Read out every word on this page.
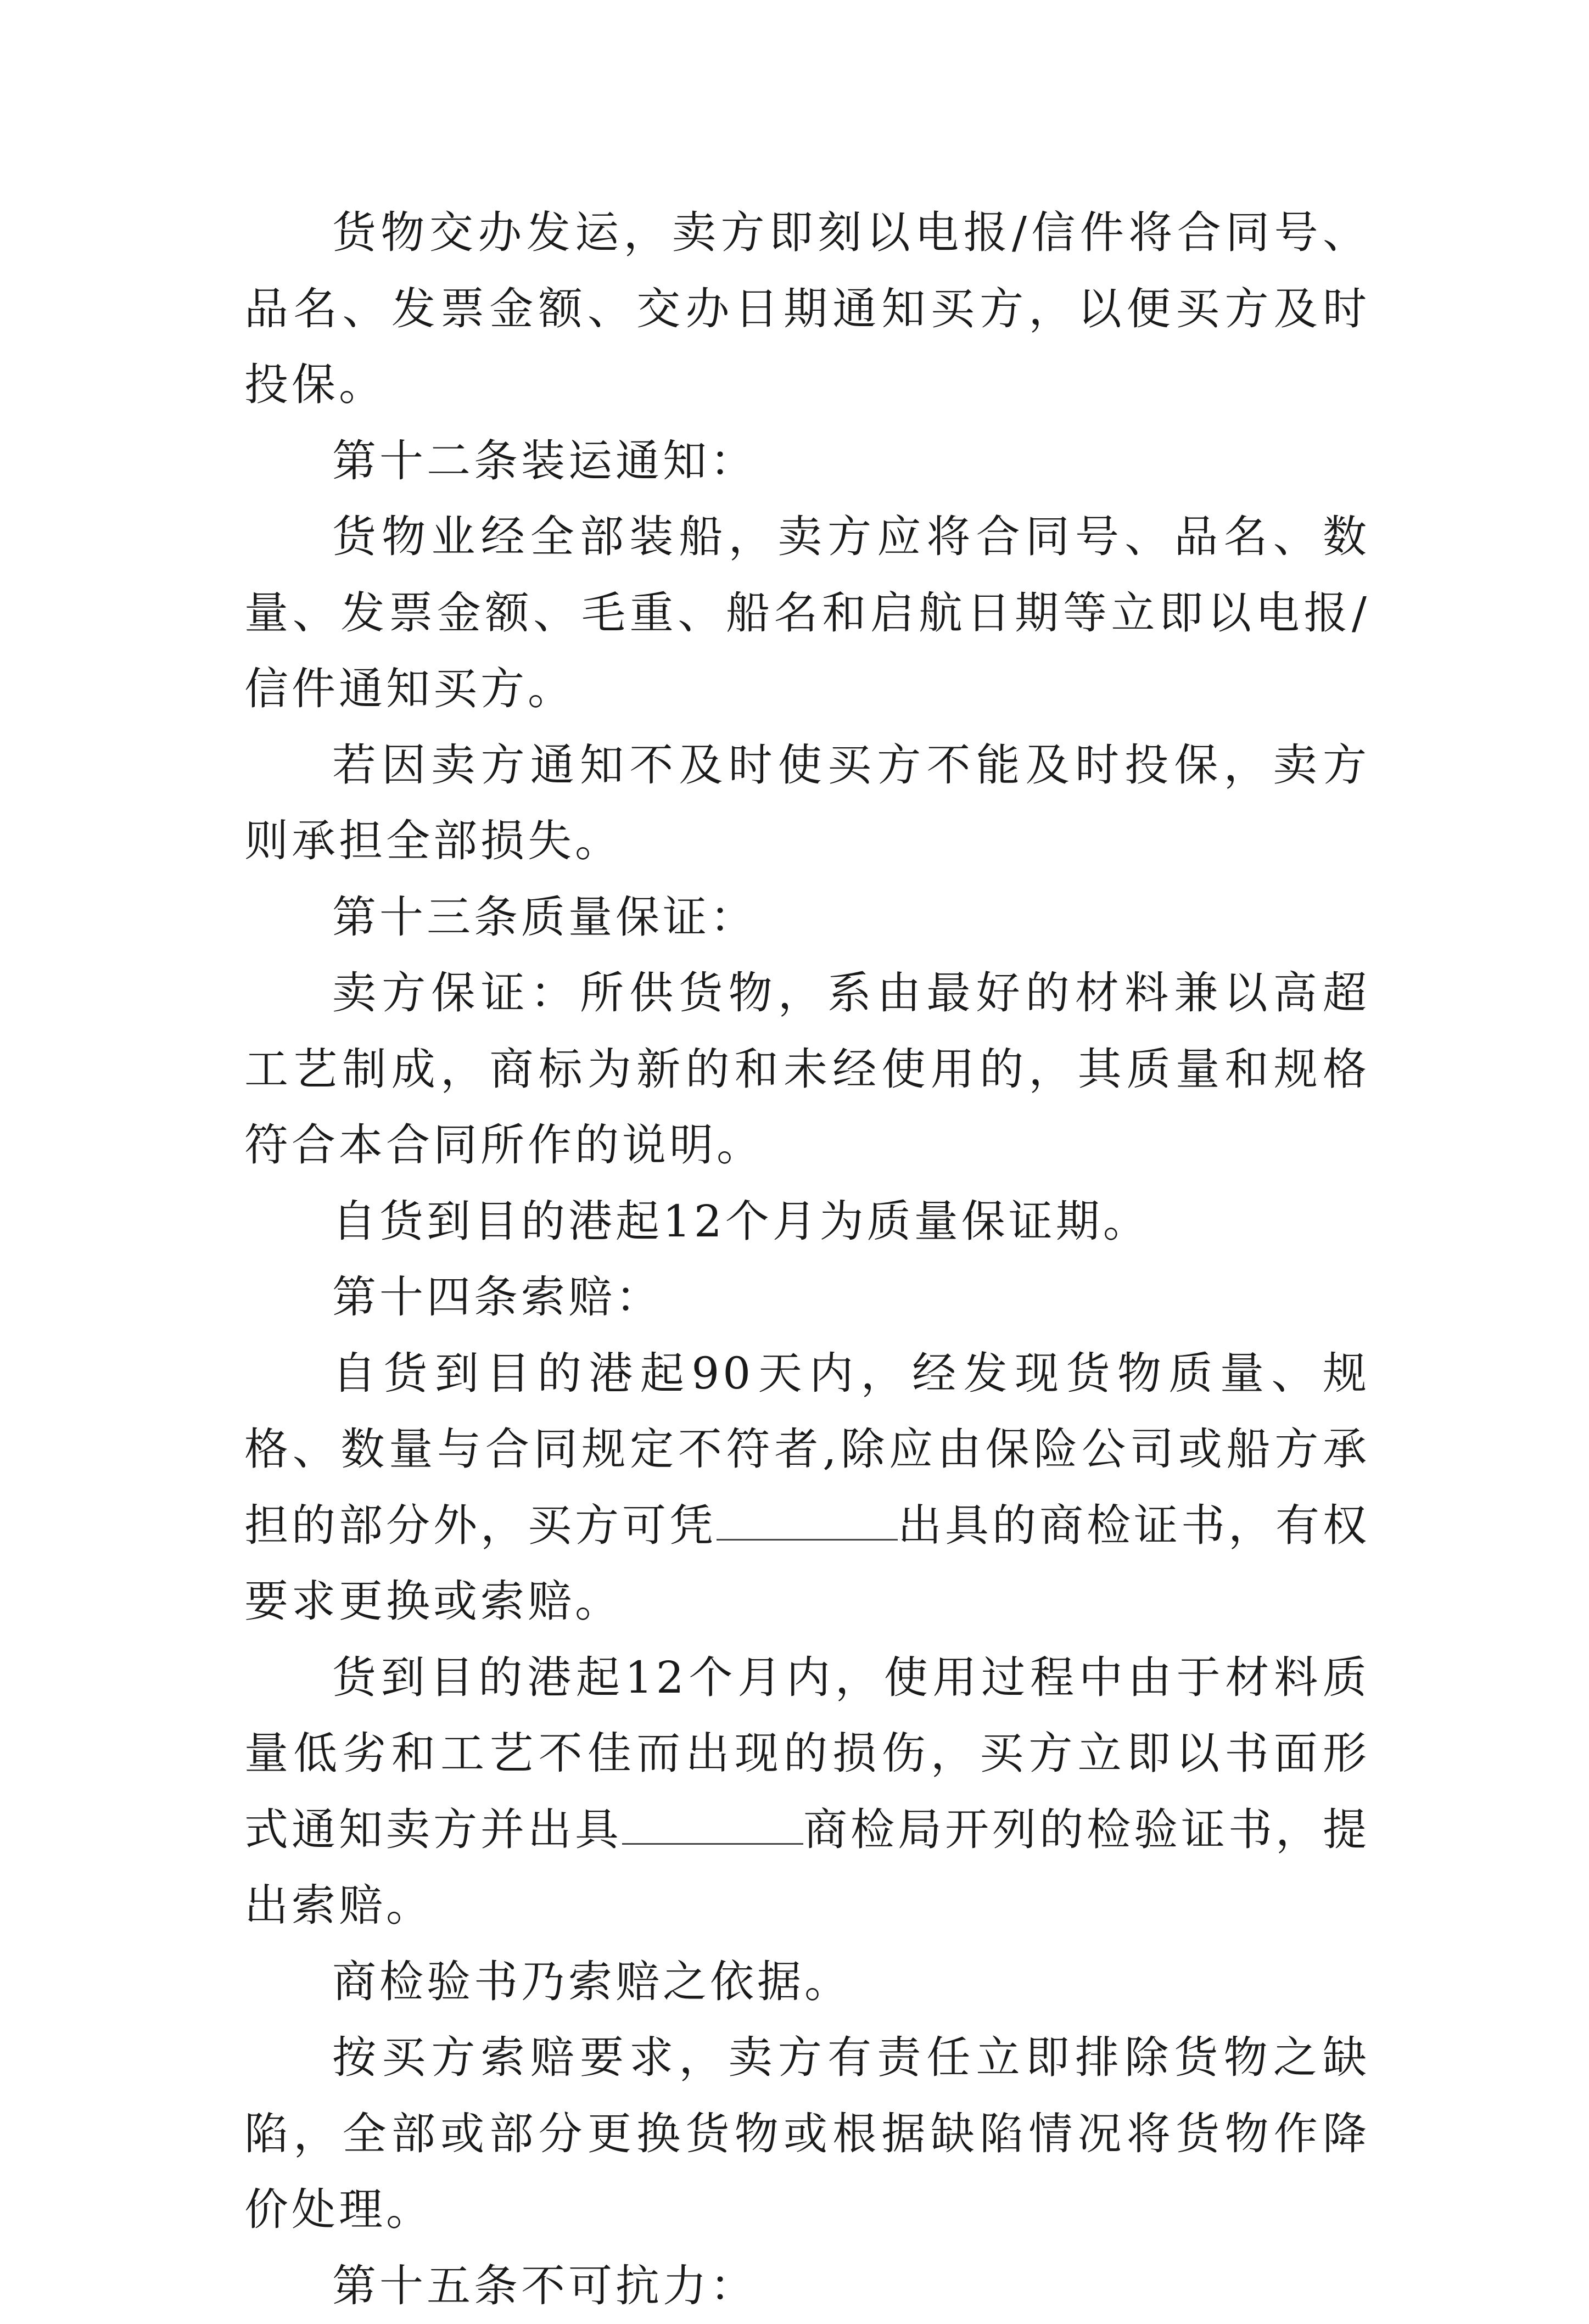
货物交办发运，卖方即刻以电报/信件将合同号、品名、发票金额、交办日期通知买方，以便买方及时投保。

第十二条装运通知：

货物业经全部装船，卖方应将合同号、品名、数量、发票金额、毛重、船名和启航日期等立即以电报/信件通知买方。

若因卖方通知不及时使买方不能及时投保，卖方则承担全部损失。

第十三条质量保证：

卖方保证：所供货物，系由最好的材料兼以高超工艺制成，商标为新的和未经使用的，其质量和规格符合本合同所作的说明。

自货到目的港起12个月为质量保证期。

第十四条索赔：

自货到目的港起90天内，经发现货物质量、规格、数量与合同规定不符者,除应由保险公司或船方承担的部分外，买方可凭	出具的商检证书，有权要求更换或索赔。

货到目的港起12个月内，使用过程中由于材料质量低劣和工艺不佳而出现的损伤，买方立即以书面形式通知卖方并出具	商检局开列的检验证书，提出索赔。

商检验书乃索赔之依据。

按买方索赔要求，卖方有责任立即排除货物之缺陷，全部或部分更换货物或根据缺陷情况将货物作降价处理。

第十五条不可抗力：
